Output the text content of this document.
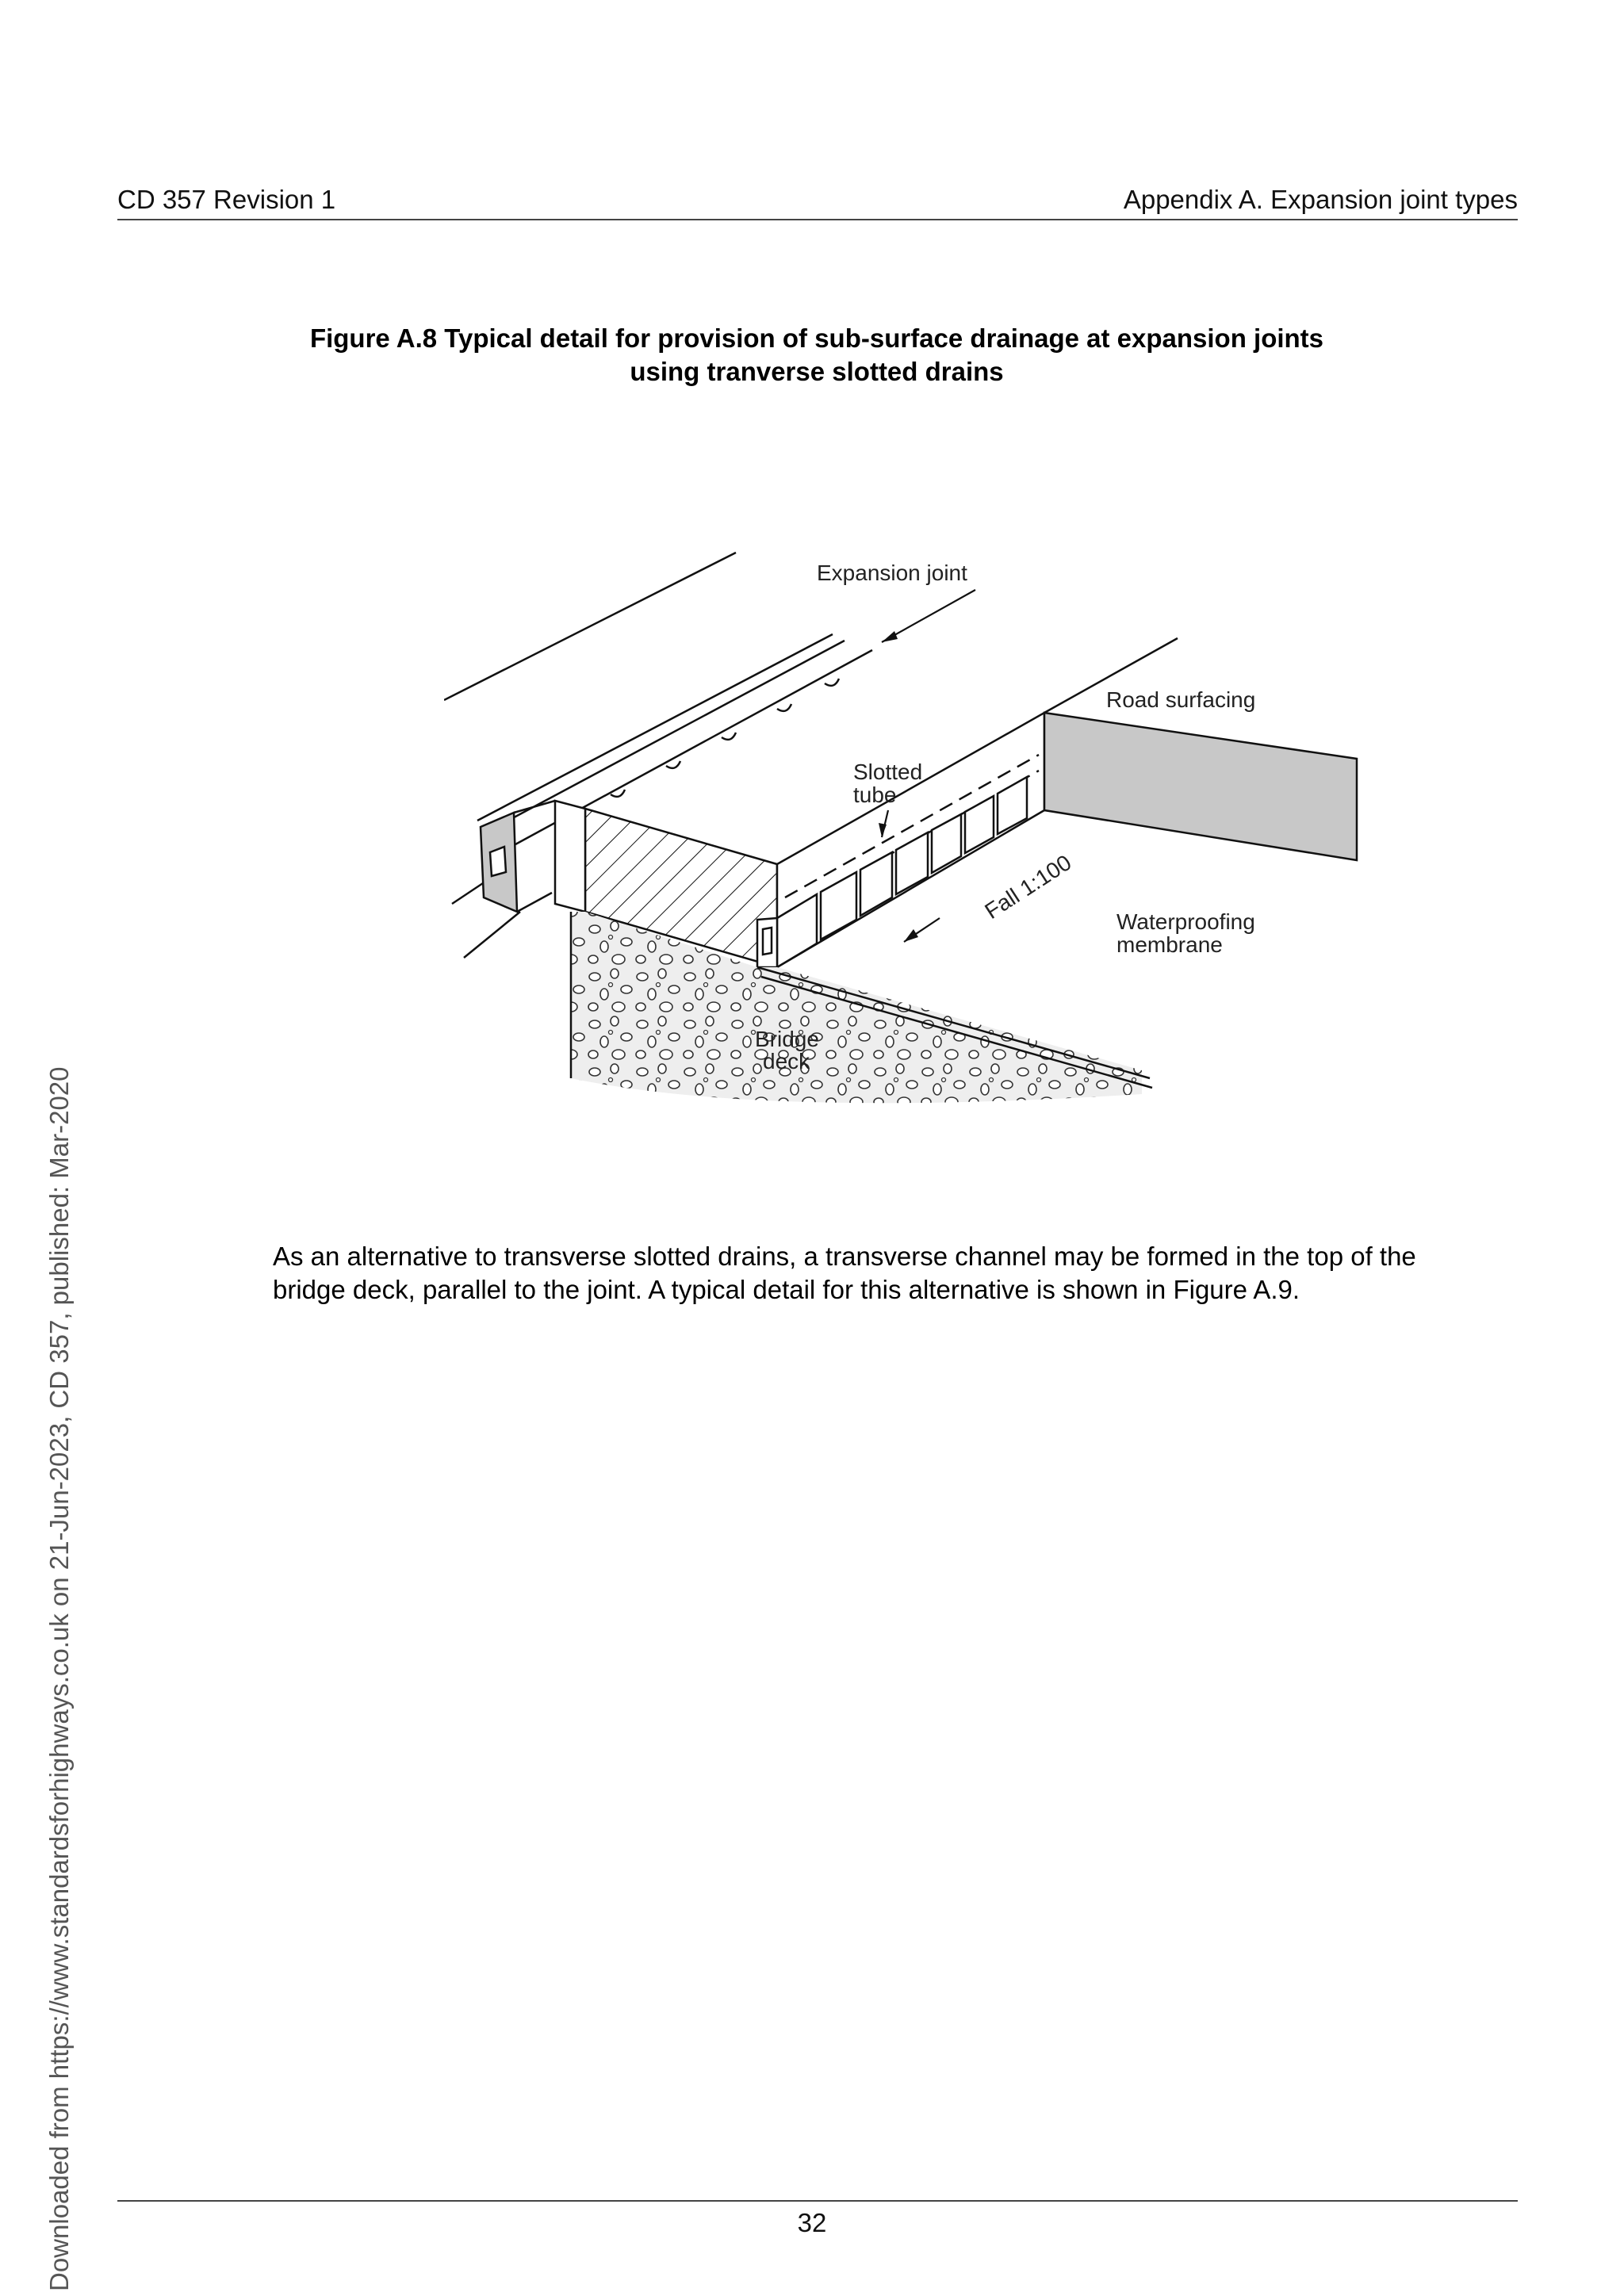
CD 357 Revision 1	Appendix A. Expansion joint types
Figure A.8 Typical detail for provision of sub-surface drainage at expansion joints
using tranverse slotted drains
Expansion joint
Road surfacing
Slotted
tube
Fall 1:100 Waterproofing
membrane
Bridge
deck
As an alternative to transverse slotted drains, a transverse channel may be formed in the top of the
bridge deck, parallel to the joint. A typical detail for this alternative is shown in Figure A.9.
32
Downloaded from https://www.standardsforhighways.co.uk on 21-Jun-2023, CD 357, published: Mar-2020
